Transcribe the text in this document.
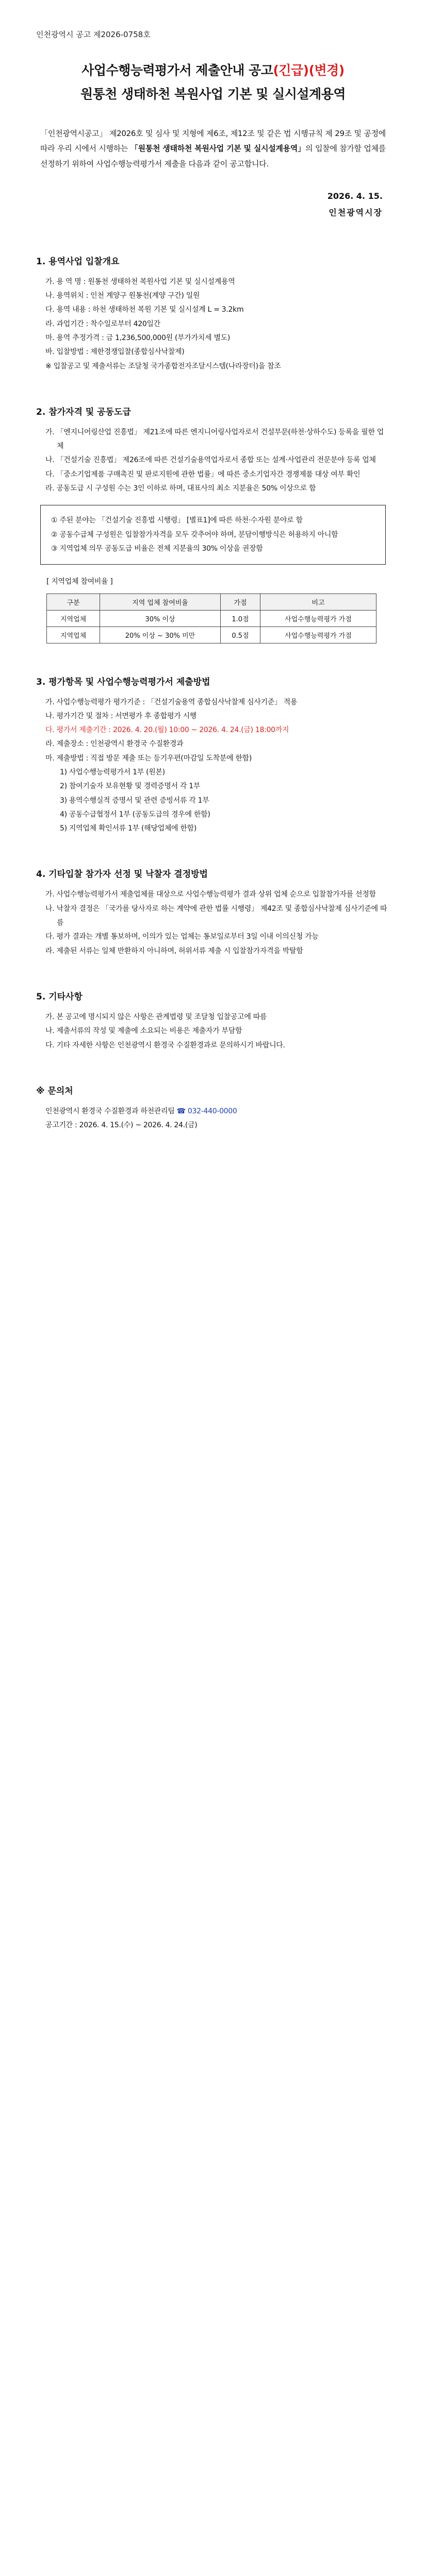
인천광역시 공고 제2026-0758호
사업수행능력평가서 제출안내 공고(긴급)(변경)
원통천 생태하천 복원사업 기본 및 실시설계용역
「인천광역시공고」 제2026호 및 심사 및 지형에 제6조, 제12조 및 같은 법 시행규칙 제 29조 및 공정에 따라 우리 시에서 시행하는 「원통천 생태하천 복원사업 기본 및 실시설계용역」의 입찰에 참가할 업체를 선정하기 위하여 사업수행능력평가서 제출을 다음과 같이 공고합니다.
2026. 4. 15.
인천광역시장
1. 용역사업 입찰개요
가. 용 역 명 : 원통천 생태하천 복원사업 기본 및 실시설계용역
나. 용역위치 : 인천 계양구 원통천(계양 구간) 일원
다. 용역 내용 : 하천 생태하천 복원 기본 및 실시설계 L = 3.2km
라. 과업기간 : 착수일로부터 420일간
마. 용역 추정가격 : 금 1,236,500,000원 (부가가치세 별도)
바. 입찰방법 : 제한경쟁입찰(종합심사낙찰제)
※ 입찰공고 및 제출서류는 조달청 국가종합전자조달시스템(나라장터)을 참조
2. 참가자격 및 공동도급
가. 「엔지니어링산업 진흥법」 제21조에 따른 엔지니어링사업자로서 건설부문(하천·상하수도) 등록을 필한 업체
나. 「건설기술 진흥법」 제26조에 따른 건설기술용역업자로서 종합 또는 설계·사업관리 전문분야 등록 업체
다. 「중소기업제품 구매촉진 및 판로지원에 관한 법률」에 따른 중소기업자간 경쟁제품 대상 여부 확인
라. 공동도급 시 구성원 수는 3인 이하로 하며, 대표사의 최소 지분율은 50% 이상으로 함
① 주된 분야는 「건설기술 진흥법 시행령」 [별표1]에 따른 하천·수자원 분야로 함
② 공동수급체 구성원은 입찰참가자격을 모두 갖추어야 하며, 분담이행방식은 허용하지 아니함
③ 지역업체 의무 공동도급 비율은 전체 지분율의 30% 이상을 권장함
[ 지역업체 참여비율 ]
구분	지역 업체 참여비율	가점	비고
지역업체	30% 이상	1.0점	사업수행능력평가 가점
지역업체	20% 이상 ~ 30% 미만	0.5점	사업수행능력평가 가점
3. 평가항목 및 사업수행능력평가서 제출방법
가. 사업수행능력평가 평가기준 : 「건설기술용역 종합심사낙찰제 심사기준」 적용
나. 평가기간 및 절차 : 서면평가 후 종합평가 시행
다. 평가서 제출기간 : 2026. 4. 20.(월) 10:00 ~ 2026. 4. 24.(금) 18:00까지
라. 제출장소 : 인천광역시 환경국 수질환경과
마. 제출방법 : 직접 방문 제출 또는 등기우편(마감일 도착분에 한함)
1) 사업수행능력평가서 1부 (원본)
2) 참여기술자 보유현황 및 경력증명서 각 1부
3) 용역수행실적 증명서 및 관련 증빙서류 각 1부
4) 공동수급협정서 1부 (공동도급의 경우에 한함)
5) 지역업체 확인서류 1부 (해당업체에 한함)
4. 기타입찰 참가자 선정 및 낙찰자 결정방법
가. 사업수행능력평가서 제출업체를 대상으로 사업수행능력평가 결과 상위 업체 순으로 입찰참가자를 선정함
나. 낙찰자 결정은 「국가를 당사자로 하는 계약에 관한 법률 시행령」 제42조 및 종합심사낙찰제 심사기준에 따름
다. 평가 결과는 개별 통보하며, 이의가 있는 업체는 통보일로부터 3일 이내 이의신청 가능
라. 제출된 서류는 일체 반환하지 아니하며, 허위서류 제출 시 입찰참가자격을 박탈함
5. 기타사항
가. 본 공고에 명시되지 않은 사항은 관계법령 및 조달청 입찰공고에 따름
나. 제출서류의 작성 및 제출에 소요되는 비용은 제출자가 부담함
다. 기타 자세한 사항은 인천광역시 환경국 수질환경과로 문의하시기 바랍니다.
※ 문의처
인천광역시 환경국 수질환경과 하천관리팀 ☎ 032-440-0000
공고기간 : 2026. 4. 15.(수) ~ 2026. 4. 24.(금)
